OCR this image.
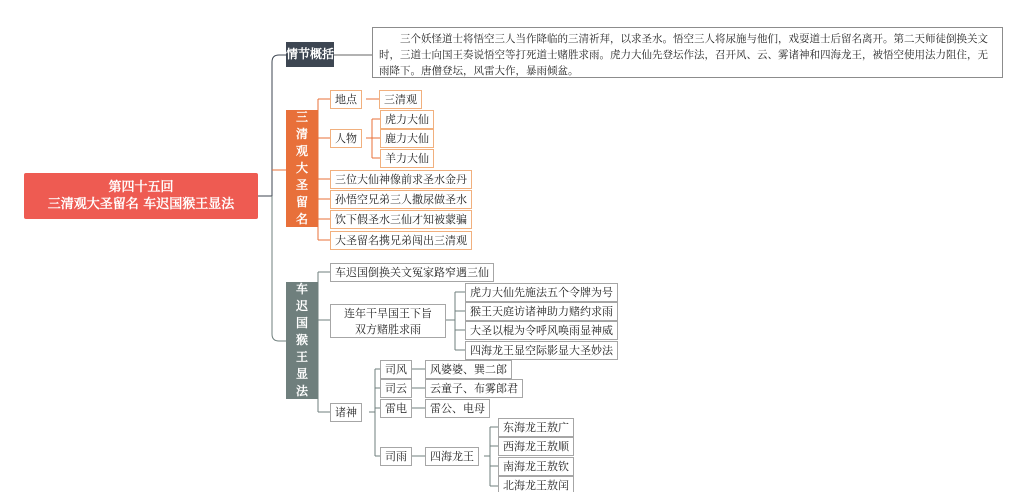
第四十五回
三清观大圣留名 车迟国猴王显法
情节概括
三个妖怪道士将悟空三人当作降临的三清祈拜，以求圣水。悟空三人将尿施与他们，戏耍道士后留名离开。第二天师徒倒换关文时，三道士向国王奏说悟空等打死道士赌胜求雨。虎力大仙先登坛作法，召开风、云、雾诸神和四海龙王，被悟空使用法力阻住，无雨降下。唐僧登坛，风雷大作，暴雨倾盆。
三清观大圣留名
地点	三清观
人物
虎力大仙
鹿力大仙
羊力大仙
三位大仙神像前求圣水金丹
孙悟空兄弟三人撒尿做圣水
饮下假圣水三仙才知被蒙骗
大圣留名携兄弟闯出三清观
车迟国猴王显法
车迟国倒换关文冤家路窄遇三仙
连年干旱国王下旨
双方赌胜求雨
虎力大仙先施法五个令牌为号
猴王天庭访诸神助力赌约求雨
大圣以棍为令呼风唤雨显神威
四海龙王显空际影显大圣妙法
诸神
司风	风婆婆、巽二郎
司云	云童子、布雾郎君
雷电	雷公、电母
司雨	四海龙王
东海龙王敖广
西海龙王敖顺
南海龙王敖钦
北海龙王敖闰
